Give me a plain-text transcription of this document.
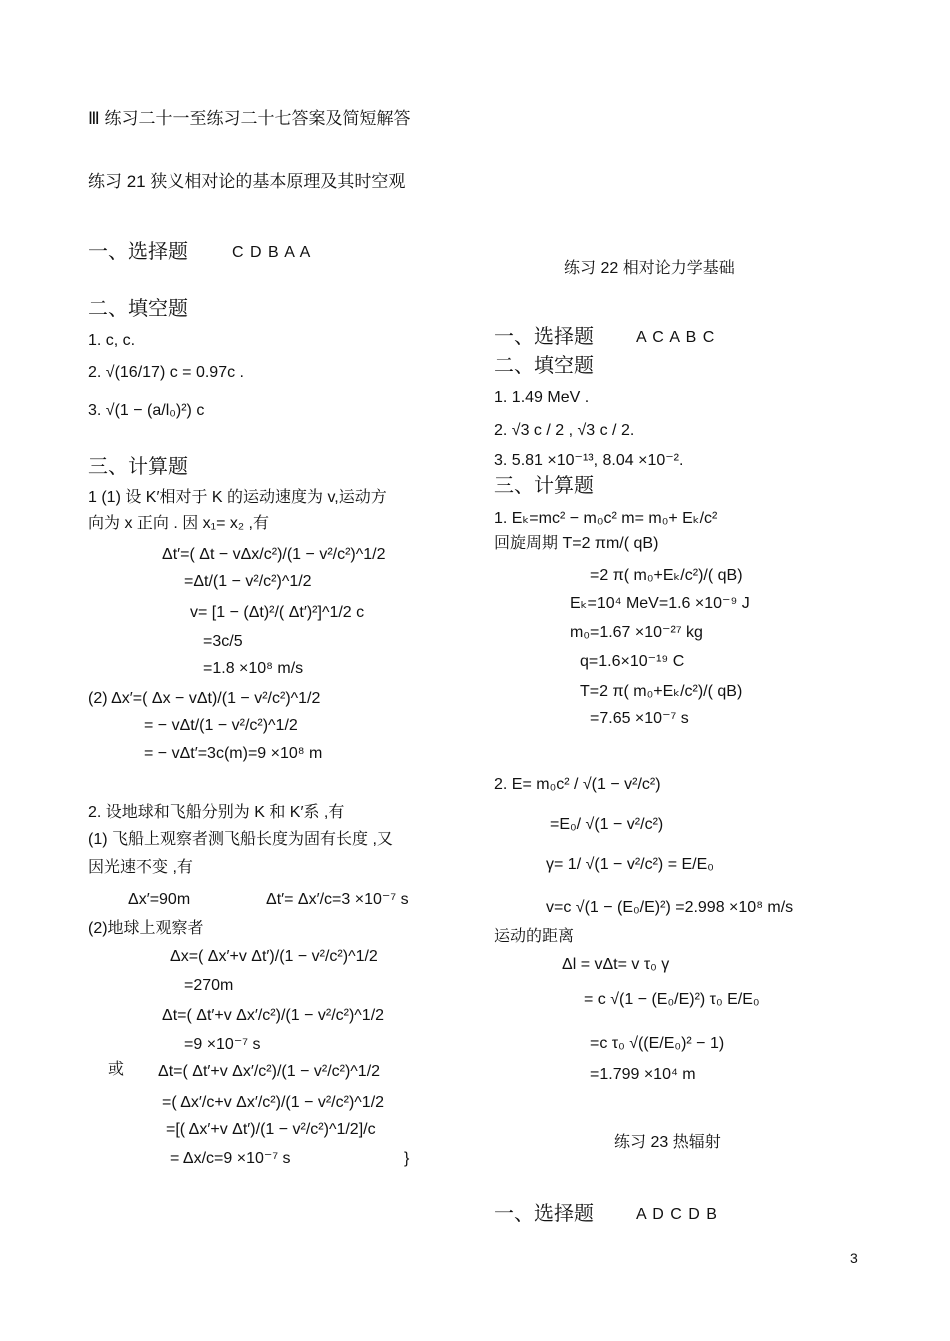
Ⅲ 练习二十一至练习二十七答案及简短解答
练习 21 狭义相对论的基本原理及其时空观
一、选择题	C D B A A
二、填空题
1. c, c.
2. √(16/17) c = 0.97c .
3. √(1 − (a/l₀)²) c
三、计算题
1 (1) 设 K′相对于 K 的运动速度为 v,运动方
向为 x 正向 . 因 x₁= x₂ ,有
Δt′=( Δt − vΔx/c²)/(1 − v²/c²)^1/2
=Δt/(1 − v²/c²)^1/2
v= [1 − (Δt)²/( Δt′)²]^1/2 c
=3c/5
=1.8 ×10⁸ m/s
(2) Δx′=( Δx − vΔt)/(1 − v²/c²)^1/2
= − vΔt/(1 − v²/c²)^1/2
= − vΔt′=3c(m)=9 ×10⁸ m
2. 设地球和飞船分别为 K 和 K′系 ,有
(1) 飞船上观察者测飞船长度为固有长度 ,又
因光速不变 ,有
Δx′=90m	Δt′= Δx′/c=3 ×10⁻⁷ s
(2)地球上观察者
Δx=( Δx′+v Δt′)/(1 − v²/c²)^1/2
=270m
Δt=( Δt′+v Δx′/c²)/(1 − v²/c²)^1/2
=9 ×10⁻⁷ s
或 Δt=( Δt′+v Δx′/c²)/(1 − v²/c²)^1/2
=( Δx′/c+v Δx′/c²)/(1 − v²/c²)^1/2
=[( Δx′+v Δt′)/(1 − v²/c²)^1/2]/c
= Δx/c=9 ×10⁻⁷ s	}
练习 22 相对论力学基础
一、选择题	A C A B C
二、填空题
1. 1.49 MeV .
2. √3 c / 2 , √3 c / 2.
3. 5.81 ×10⁻¹³, 8.04 ×10⁻².
三、计算题
1. Eₖ=mc² − m₀c² m= m₀+ Eₖ/c²
回旋周期 T=2 πm/( qB)
=2 π( m₀+Eₖ/c²)/( qB)
Eₖ=10⁴ MeV=1.6 ×10⁻⁹ J
m₀=1.67 ×10⁻²⁷ kg
q=1.6×10⁻¹⁹ C
T=2 π( m₀+Eₖ/c²)/( qB)
=7.65 ×10⁻⁷ s
2. E= m₀c² / √(1 − v²/c²)
=E₀/ √(1 − v²/c²)
γ= 1/ √(1 − v²/c²) = E/E₀
v=c √(1 − (E₀/E)²) =2.998 ×10⁸ m/s
运动的距离
Δl = vΔt= v τ₀ γ
= c √(1 − (E₀/E)²) τ₀ E/E₀
=c τ₀ √((E/E₀)² − 1)
=1.799 ×10⁴ m
练习 23 热辐射
一、选择题	A D C D B
3
